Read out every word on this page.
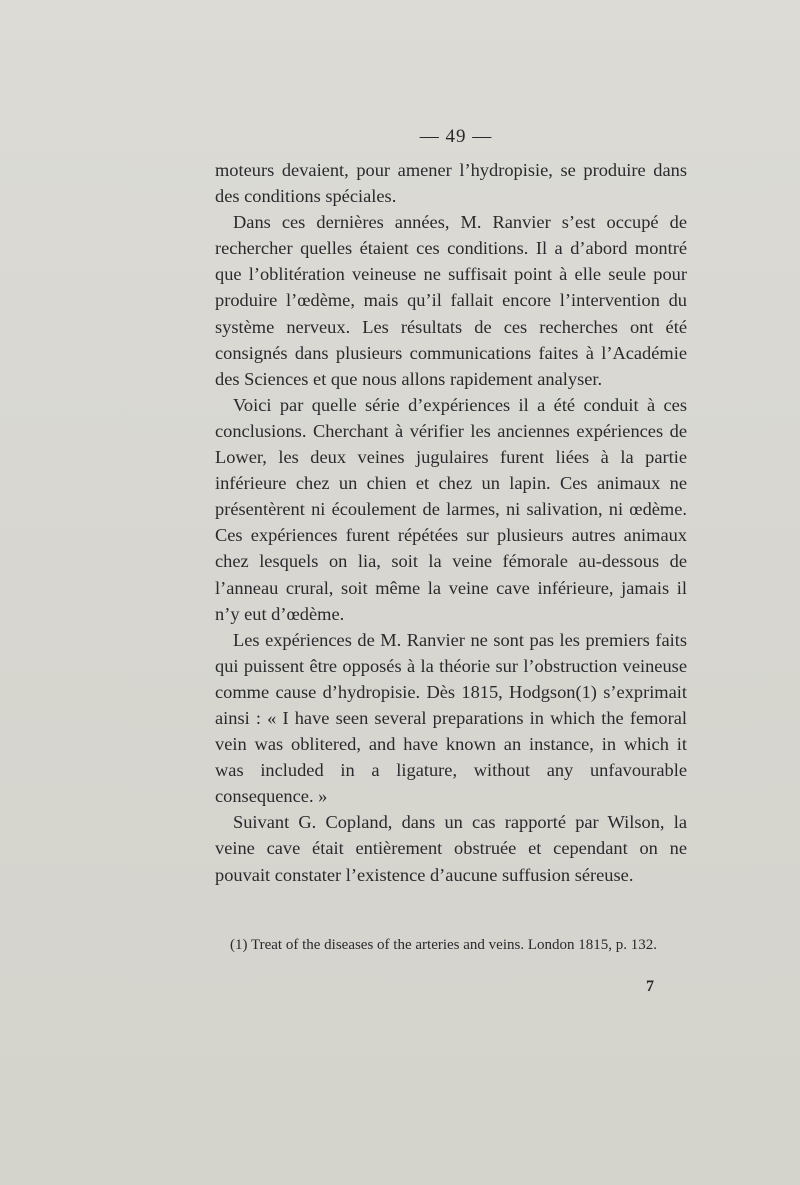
— 49 —

moteurs devaient, pour amener l’hydropisie, se produire dans des conditions spéciales.

Dans ces dernières années, M. Ranvier s’est occupé de rechercher quelles étaient ces conditions. Il a d’abord montré que l’oblitération veineuse ne suffisait point à elle seule pour produire l’œdème, mais qu’il fallait encore l’intervention du système nerveux. Les résultats de ces recherches ont été consignés dans plusieurs communications faites à l’Académie des Sciences et que nous allons rapidement analyser.

Voici par quelle série d’expériences il a été conduit à ces conclusions. Cherchant à vérifier les anciennes expériences de Lower, les deux veines jugulaires furent liées à la partie inférieure chez un chien et chez un lapin. Ces animaux ne présentèrent ni écoulement de larmes, ni salivation, ni œdème. Ces expériences furent répétées sur plusieurs autres animaux chez lesquels on lia, soit la veine fémorale au-dessous de l’anneau crural, soit même la veine cave inférieure, jamais il n’y eut d’œdème.

Les expériences de M. Ranvier ne sont pas les premiers faits qui puissent être opposés à la théorie sur l’obstruction veineuse comme cause d’hydropisie. Dès 1815, Hodgson(1) s’exprimait ainsi : « I have seen several preparations in which the femoral vein was oblitered, and have known an instance, in which it was included in a ligature, without any unfavourable consequence. »

Suivant G. Copland, dans un cas rapporté par Wilson, la veine cave était entièrement obstruée et cependant on ne pouvait constater l’existence d’aucune suffusion séreuse.

(1) Treat of the diseases of the arteries and veins. London 1815, p. 132.

7
